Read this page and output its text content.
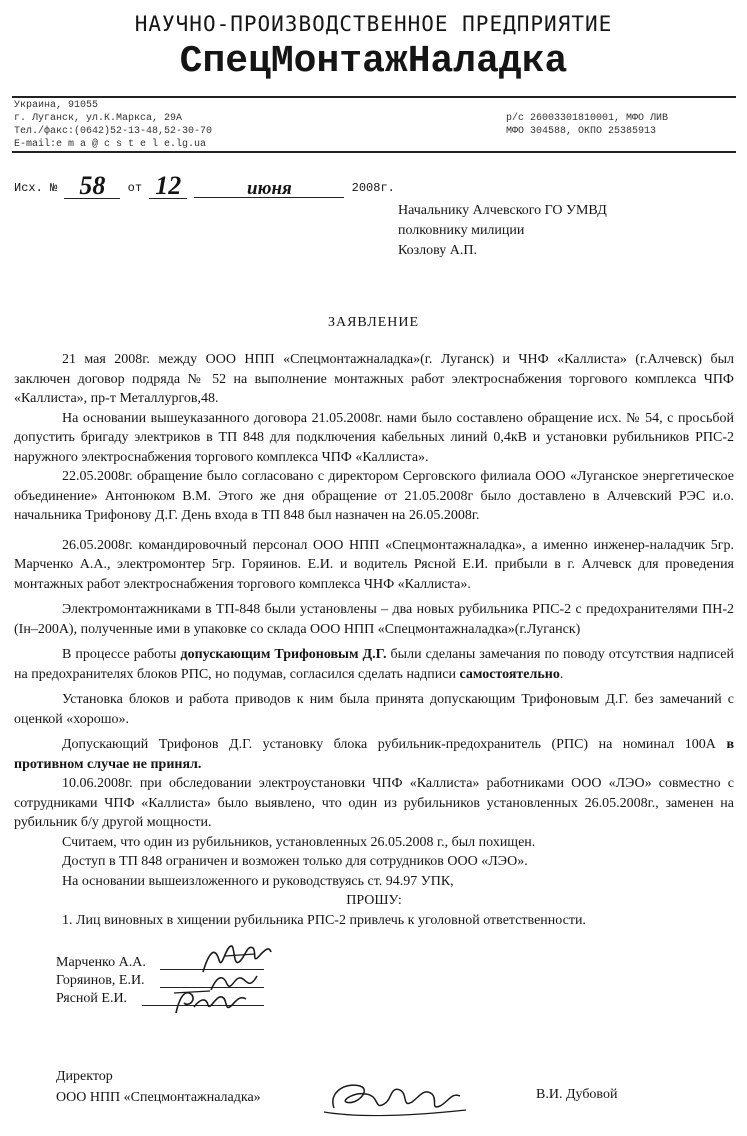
НАУЧНО-ПРОИЗВОДСТВЕННОЕ ПРЕДПРИЯТИЕ
СпецМонтажНаладка
Украина, 91055
г. Луганск, ул.К.Маркса, 29А
Тел./факс:(0642)52-13-48,52-30-70
E-mail:e m a @ c s t e l e.lg.ua
р/с 26003301810001, МФО ЛИВ
МФО 304588, ОКПО 25385913
Исх. № 58 от 12	июня	2008г.
Начальнику Алчевского ГО УМВД
полковнику милиции
Козлову А.П.
ЗАЯВЛЕНИЕ

21 мая 2008г. между ООО НПП «Спецмонтажналадка»(г. Луганск) и ЧНФ «Каллиста» (г.Алчевск) был заключен договор подряда № 52 на выполнение монтажных работ электроснабжения торгового комплекса ЧПФ «Каллиста», пр-т Металлургов,48.

На основании вышеуказанного договора 21.05.2008г. нами было составлено обращение исх. № 54, с просьбой допустить бригаду электриков в ТП 848 для подключения кабельных линий 0,4кВ и установки рубильников РПС-2 наружного электроснабжения торгового комплекса ЧПФ «Каллиста».

22.05.2008г. обращение было согласовано с директором Серговского филиала ООО «Луганское энергетическое объединение» Антонюком В.М. Этого же дня обращение от 21.05.2008г было доставлено в Алчевский РЭС и.о. начальника Трифонову Д.Г. День входа в ТП 848 был назначен на 26.05.2008г.

26.05.2008г. командировочный персонал ООО НПП «Спецмонтажналадка», а именно инженер-наладчик 5гр. Марченко А.А., электромонтер 5гр. Горяинов. Е.И. и водитель Рясной Е.И. прибыли в г. Алчевск для проведения монтажных работ электроснабжения торгового комплекса ЧНФ «Каллиста».

Электромонтажниками в ТП-848 были установлены – два новых рубильника РПС-2 с предохранителями ПН-2 (Iн–200А), полученные ими в упаковке со склада ООО НПП «Спецмонтажналадка»(г.Луганск)

В процессе работы допускающим Трифоновым Д.Г. были сделаны замечания по поводу отсутствия надписей на предохранителях блоков РПС, но подумав, согласился сделать надписи самостоятельно.

Установка блоков и работа приводов к ним была принята допускающим Трифоновым Д.Г. без замечаний с оценкой «хорошо».

Допускающий Трифонов Д.Г. установку блока рубильник-предохранитель (РПС) на номинал 100А в противном случае не принял.

10.06.2008г. при обследовании электроустановки ЧПФ «Каллиста» работниками ООО «ЛЭО» совместно с сотрудниками ЧПФ «Каллиста» было выявлено, что один из рубильников установленных 26.05.2008г., заменен на рубильник б/у другой мощности.

Считаем, что один из рубильников, установленных 26.05.2008 г., был похищен.

Доступ в ТП 848 ограничен и возможен только для сотрудников ООО «ЛЭО».

На основании вышеизложенного и руководствуясь ст. 94.97 УПК,

ПРОШУ:

1. Лиц виновных в хищении рубильника РПС-2 привлечь к уголовной ответственности.

Марченко А.А.
Горяинов, Е.И.
Рясной Е.И.
Директор
ООО НПП «Спецмонтажналадка»	В.И. Дубовой
